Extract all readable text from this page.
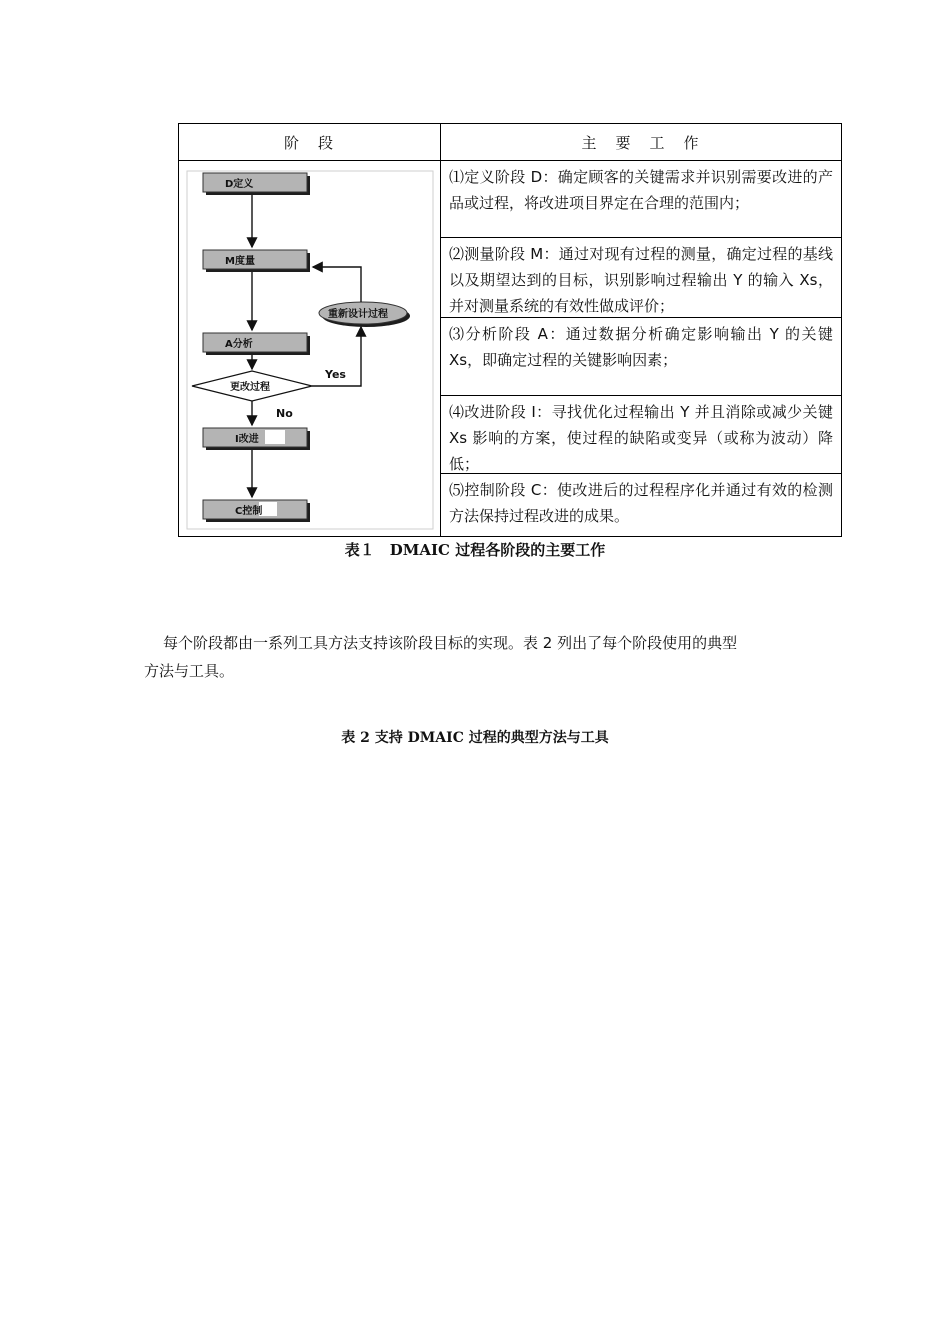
阶　段	主　要　工　作
D定义
M度量
A分析
更改过程
I改进
C控制
重新设计过程
Yes
No
⑴定义阶段 D：确定顾客的关键需求并识别需要改进的产品或过程，将改进项目界定在合理的范围内；
⑵测量阶段 M：通过对现有过程的测量，确定过程的基线以及期望达到的目标，识别影响过程输出 Y 的输入 Xs，并对测量系统的有效性做成评价；
⑶分析阶段 A：通过数据分析确定影响输出 Y 的关键 Xs，即确定过程的关键影响因素；
⑷改进阶段 I：寻找优化过程输出 Y 并且消除或减少关键 Xs 影响的方案，使过程的缺陷或变异（或称为波动）降低；
⑸控制阶段 C：使改进后的过程程序化并通过有效的检测方法保持过程改进的成果。
表１　DMAIC 过程各阶段的主要工作
每个阶段都由一系列工具方法支持该阶段目标的实现。表 2 列出了每个阶段使用的典型
方法与工具。
表 2 支持 DMAIC 过程的典型方法与工具
